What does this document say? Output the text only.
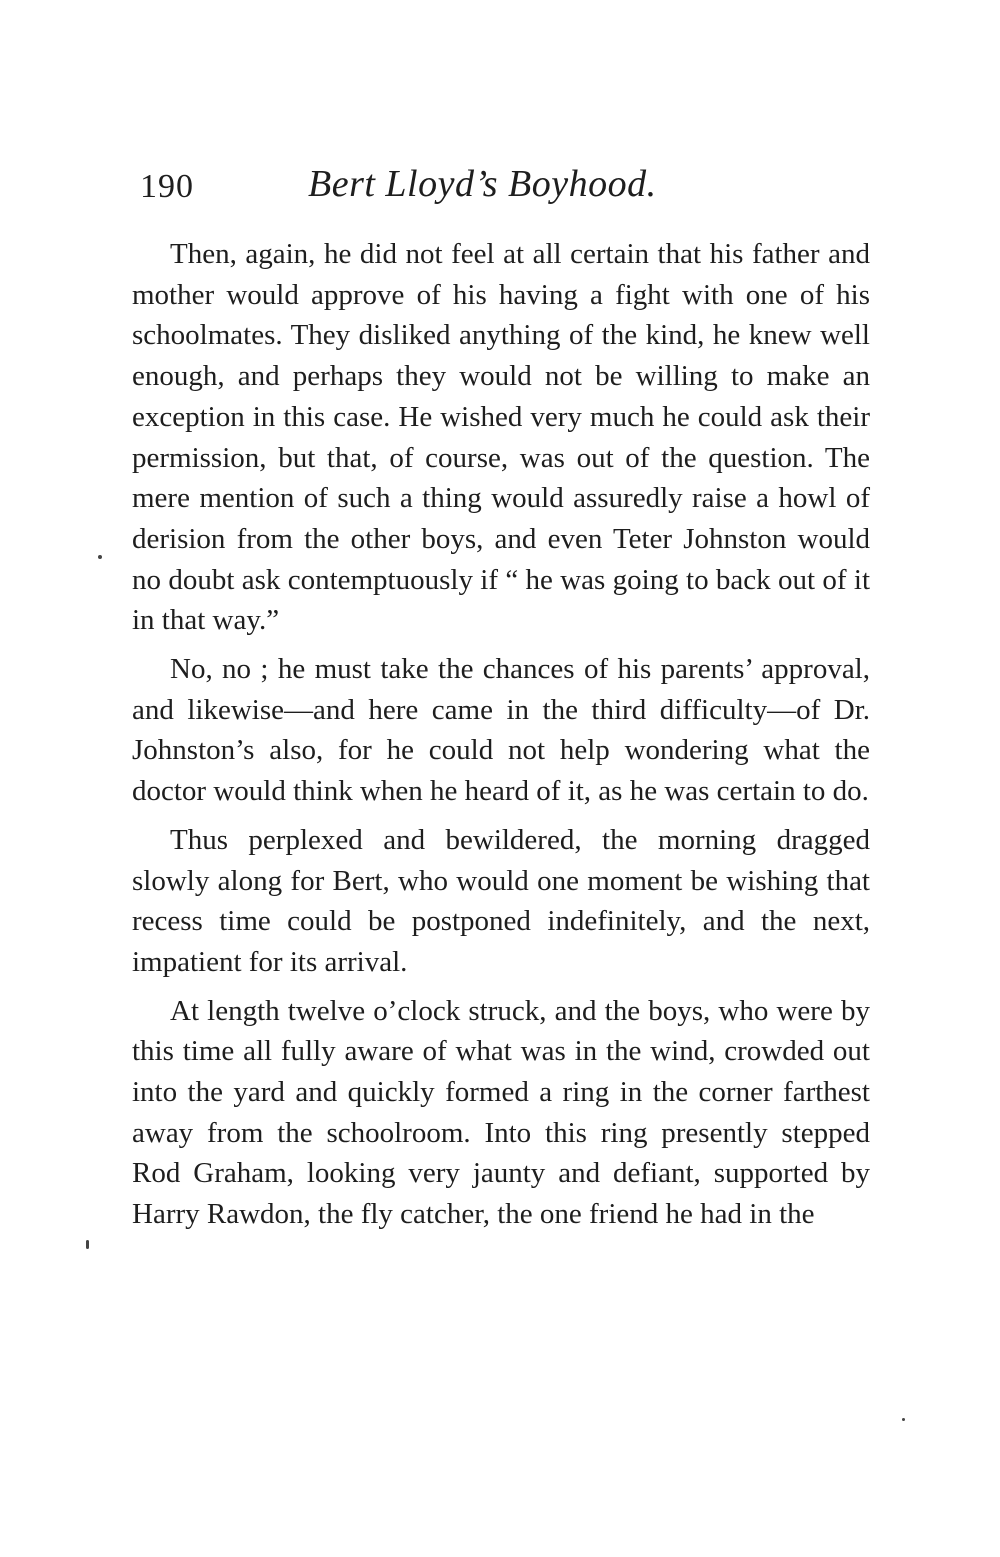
190	Bert Lloyd’s Boyhood.

Then, again, he did not feel at all certain that his father and mother would approve of his having a fight with one of his schoolmates. They disliked anything of the kind, he knew well enough, and perhaps they would not be willing to make an exception in this case. He wished very much he could ask their permission, but that, of course, was out of the question. The mere mention of such a thing would assuredly raise a howl of derision from the other boys, and even Teter Johnston would no doubt ask contemptuously if “ he was going to back out of it in that way.”

No, no ; he must take the chances of his parents’ approval, and likewise—and here came in the third difficulty—of Dr. Johnston’s also, for he could not help wondering what the doctor would think when he heard of it, as he was certain to do.

Thus perplexed and bewildered, the morning dragged slowly along for Bert, who would one moment be wishing that recess time could be postponed indefinitely, and the next, impatient for its arrival.

At length twelve o’clock struck, and the boys, who were by this time all fully aware of what was in the wind, crowded out into the yard and quickly formed a ring in the corner farthest away from the schoolroom. Into this ring presently stepped Rod Graham, looking very jaunty and defiant, supported by Harry Rawdon, the fly catcher, the one friend he had in the
